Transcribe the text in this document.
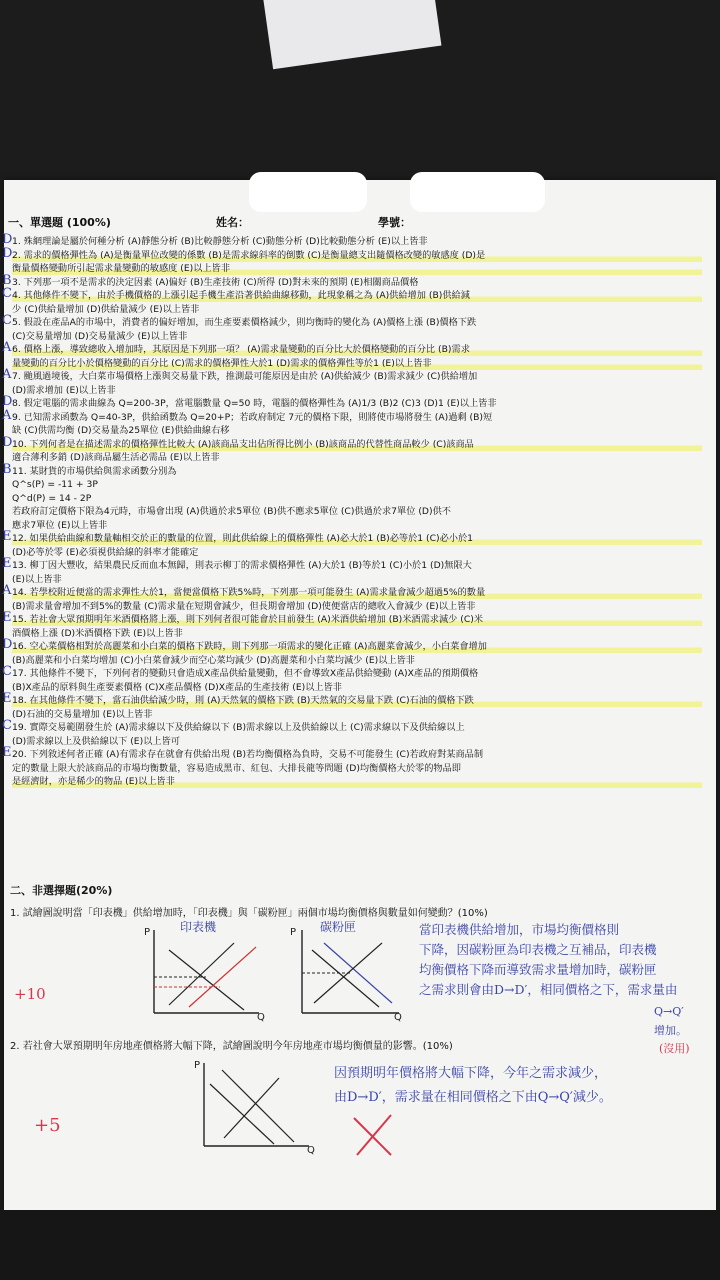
一、單選題 (100%)	姓名：	學號：
1. 殊網理論是屬於何種分析 (A)靜態分析 (B)比較靜態分析 (C)動態分析 (D)比較動態分析 (E)以上皆非
2. 需求的價格彈性為 (A)是衡量單位改變的係數 (B)是需求線斜率的倒數 (C)是衡量總支出隨價格改變的敏感度 (D)是
衡量價格變動所引起需求量變動的敏感度 (E)以上皆非
3. 下列那一項不是需求的決定因素 (A)偏好 (B)生產技術 (C)所得 (D)對未來的預期 (E)相關商品價格
4. 其他條件不變下，由於手機價格的上漲引起手機生產沿著供給曲線移動，此現象稱之為 (A)供給增加 (B)供給減
少 (C)供給量增加 (D)供給量減少 (E)以上皆非
5. 假設在產品A的市場中，消費者的偏好增加，而生產要素價格減少，則均衡時的變化為 (A)價格上漲 (B)價格下跌
(C)交易量增加 (D)交易量減少 (E)以上皆非
6. 價格上漲，導致總收入增加時，其原因是下列那一項？ (A)需求量變動的百分比大於價格變動的百分比 (B)需求
量變動的百分比小於價格變動的百分比 (C)需求的價格彈性大於1 (D)需求的價格彈性等於1 (E)以上皆非
7. 颱風過境後，大白菜市場價格上漲與交易量下跌，推測最可能原因是由於 (A)供給減少 (B)需求減少 (C)供給增加
(D)需求增加 (E)以上皆非
8. 假定電腦的需求曲線為 Q=200-3P，當電腦數量 Q=50 時，電腦的價格彈性為 (A)1/3 (B)2 (C)3 (D)1 (E)以上皆非
9. 已知需求函數為 Q=40-3P，供給函數為 Q=20+P；若政府制定 7元的價格下限，則將使市場將發生 (A)過剩 (B)短
缺 (C)供需均衡 (D)交易量為25單位 (E)供給曲線右移
10. 下列何者是在描述需求的價格彈性比較大 (A)該商品支出佔所得比例小 (B)該商品的代替性商品較少 (C)該商品
適合薄利多銷 (D)該商品屬生活必需品 (E)以上皆非
11. 某財貨的市場供給與需求函數分別為
Q^s(P) = -11 + 3P
Q^d(P) = 14 - 2P
若政府訂定價格下限為4元時，市場會出現 (A)供過於求5單位 (B)供不應求5單位 (C)供過於求7單位 (D)供不
應求7單位 (E)以上皆非
12. 如果供給曲線和數量軸相交於正的數量的位置，則此供給線上的價格彈性 (A)必大於1 (B)必等於1 (C)必小於1
(D)必等於零 (E)必須視供給線的斜率才能確定
13. 柳丁因大豐收，結果農民反而血本無歸，則表示柳丁的需求價格彈性 (A)大於1 (B)等於1 (C)小於1 (D)無限大
(E)以上皆非
14. 若學校附近便當的需求彈性大於1，當便當價格下跌5%時，下列那一項可能發生 (A)需求量會減少超過5%的數量
(B)需求量會增加不到5%的數量 (C)需求量在短期會減少，但長期會增加 (D)使便當店的總收入會減少 (E)以上皆非
15. 若社會大眾預期明年米酒價格將上漲，則下列何者很可能會於目前發生 (A)米酒供給增加 (B)米酒需求減少 (C)米
酒價格上漲 (D)米酒價格下跌 (E)以上皆非
16. 空心菜價格相對於高麗菜和小白菜的價格下跌時，則下列那一項需求的變化正確 (A)高麗菜會減少，小白菜會增加
(B)高麗菜和小白菜均增加 (C)小白菜會減少而空心菜均減少 (D)高麗菜和小白菜均減少 (E)以上皆非
17. 其他條件不變下，下列何者的變動只會造成X產品供給量變動，但不會導致X產品供給變動 (A)X產品的預期價格
(B)X產品的原料與生產要素價格 (C)X產品價格 (D)X產品的生產技術 (E)以上皆非
18. 在其他條件不變下，當石油供給減少時，則 (A)天然氣的價格下跌 (B)天然氣的交易量下跌 (C)石油的價格下跌
(D)石油的交易量增加 (E)以上皆非
19. 實際交易範圍發生於 (A)需求線以下及供給線以下 (B)需求線以上及供給線以上 (C)需求線以下及供給線以上
(D)需求線以上及供給線以下 (E)以上皆可
20. 下列敘述何者正確 (A)有需求存在就會有供給出現 (B)若均衡價格為負時，交易不可能發生 (C)若政府對某商品制
定的數量上限大於該商品的市場均衡數量，容易造成黑市、紅包、大排長龍等問題 (D)均衡價格大於零的物品即
是經濟財，亦是稀少的物品 (E)以上皆非
二、非選擇題(20%)
1. 試繪圖說明當「印表機」供給增加時，「印表機」與「碳粉匣」兩個市場均衡價格與數量如何變動？(10%)
2. 若社會大眾預期明年房地產價格將大幅下降，試繪圖說明今年房地產市場均衡價量的影響。(10%)
P
Q
印表機	P
Q
碳粉匣
P
Q
當印表機供給增加，市場均衡價格則
下降，因碳粉匣為印表機之互補品，印表機
均衡價格下降而導致需求量增加時，碳粉匣
之需求則會由D→D′，相同價格之下，需求量由
Q→Q′
增加。
因預期明年價格將大幅下降，今年之需求減少，
由D→D′，需求量在相同價格之下由Q→Q′減少。
(沒用)
+10
+5
D
D
B
C
C
A
A
D
A
D
B
E
E
A
E
D
C
E
C
E
